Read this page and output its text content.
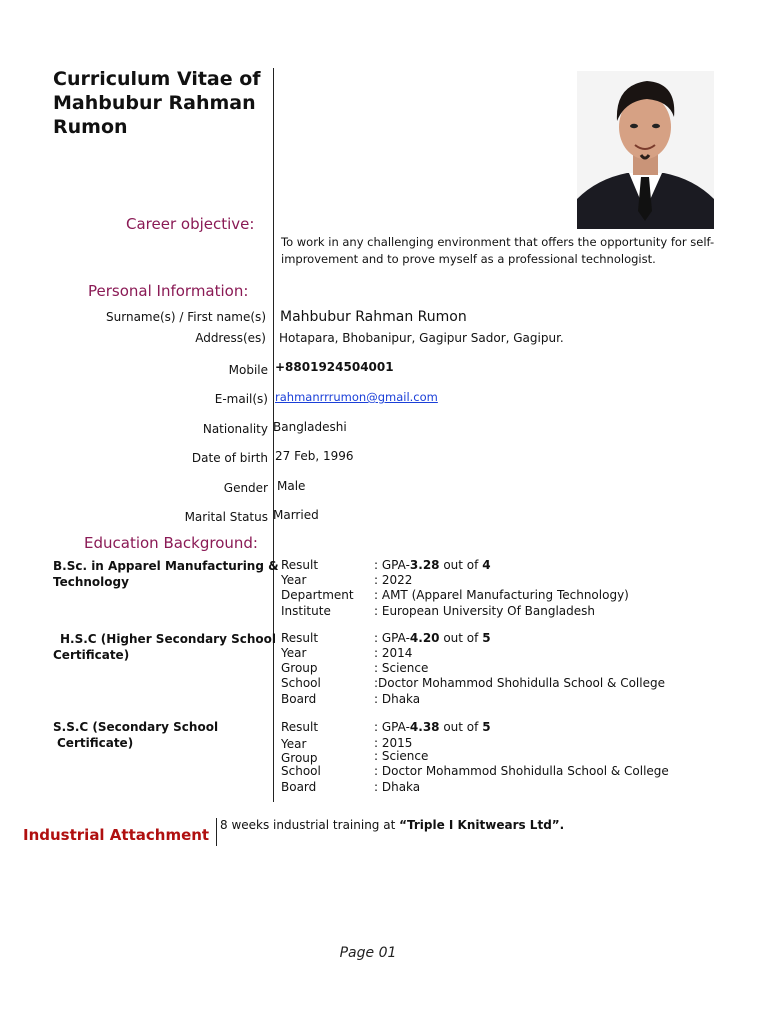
Curriculum Vitae of
Mahbubur Rahman
Rumon
Career objective:
To work in any challenging environment that offers the opportunity for self-improvement and to prove myself as a professional technologist.
Personal Information:
Surname(s) / First name(s) Mahbubur Rahman Rumon
Address(es) Hotapara, Bhobanipur, Gagipur Sador, Gagipur.
Mobile +8801924504001
E-mail(s) rahmanrrrumon@gmail.com
Nationality Bangladeshi
Date of birth 27 Feb, 1996
Gender Male
Marital Status Married
Education Background:
B.Sc. in Apparel Manufacturing &
Technology
Result	: GPA-3.28 out of 4
Year	: 2022
Department : AMT (Apparel Manufacturing Technology)
Institute	: European University Of Bangladesh
H.S.C (Higher Secondary School
Certificate)
Result	: GPA-4.20 out of 5
Year	: 2014
Group	: Science
School	:Doctor Mohammod Shohidulla School & College
Board	: Dhaka
S.S.C (Secondary School
Certificate)
Result	: GPA-4.38 out of 5
Year	: 2015
Group	: Science
School	: Doctor Mohammod Shohidulla School & College
Board	: Dhaka
Industrial Attachment
8 weeks industrial training at “Triple I Knitwears Ltd”.
Page 01
